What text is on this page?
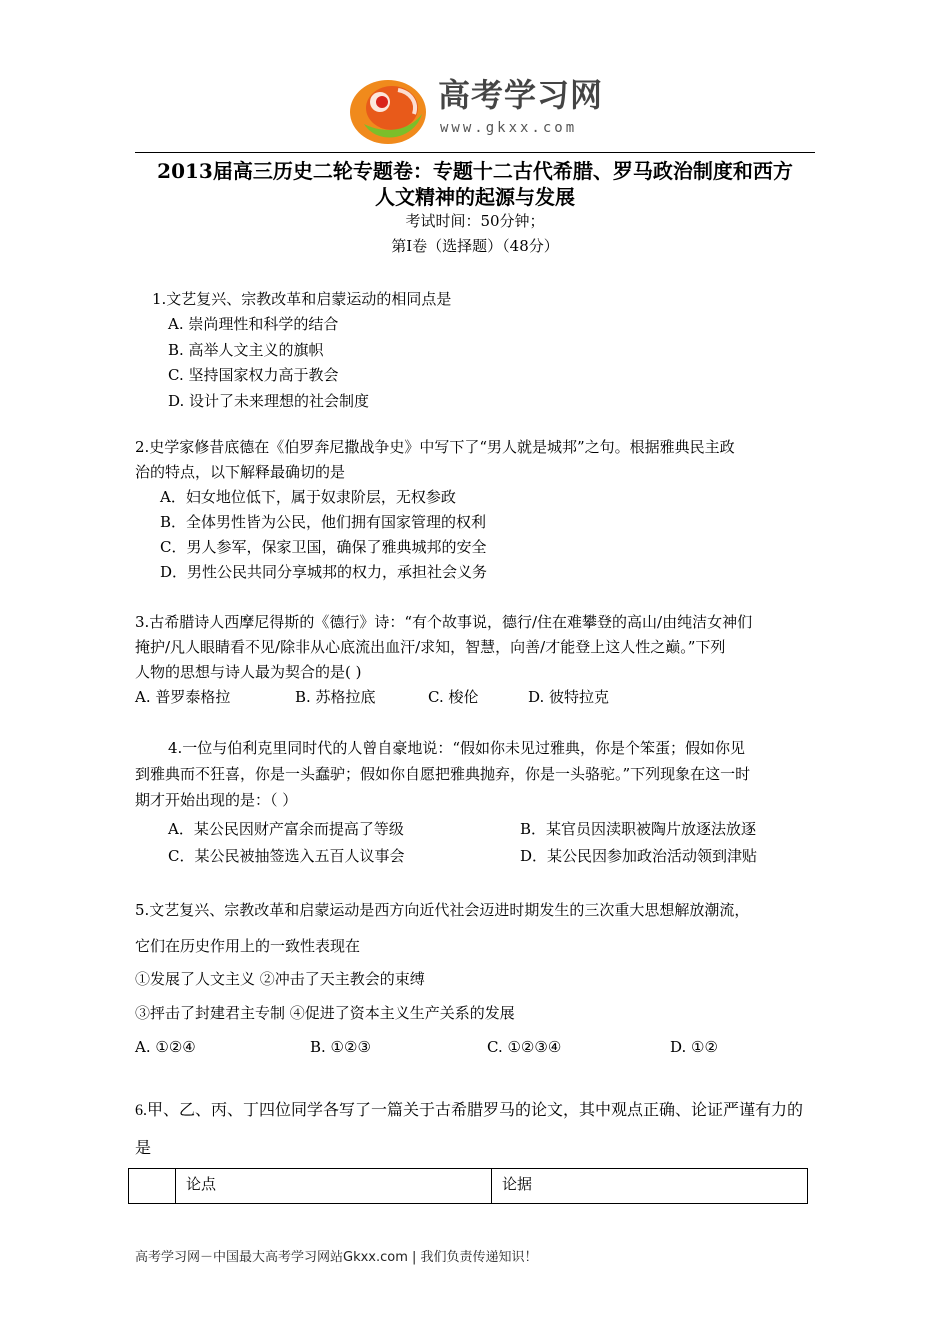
高考学习网
www.gkxx.com
2013届高三历史二轮专题卷：专题十二古代希腊、罗马政治制度和西方
人文精神的起源与发展
考试时间：50分钟；
第Ⅰ卷（选择题）（48分）
1.文艺复兴、宗教改革和启蒙运动的相同点是
A. 崇尚理性和科学的结合
B. 高举人文主义的旗帜
C. 坚持国家权力高于教会
D. 设计了未来理想的社会制度
2.史学家修昔底德在《伯罗奔尼撒战争史》中写下了“男人就是城邦”之句。根据雅典民主政
治的特点，以下解释最确切的是
A．妇女地位低下，属于奴隶阶层，无权参政
B．全体男性皆为公民，他们拥有国家管理的权利
C．男人参军，保家卫国，确保了雅典城邦的安全
D．男性公民共同分享城邦的权力，承担社会义务
3.古希腊诗人西摩尼得斯的《德行》诗：“有个故事说，德行/住在难攀登的高山/由纯洁女神们
掩护/凡人眼睛看不见/除非从心底流出血汗/求知，智慧，向善/才能登上这人性之巅。”下列
人物的思想与诗人最为契合的是( )
A. 普罗泰格拉	B. 苏格拉底	C. 梭伦	D. 彼特拉克
4.一位与伯利克里同时代的人曾自豪地说：“假如你未见过雅典，你是个笨蛋；假如你见
到雅典而不狂喜，你是一头蠢驴；假如你自愿把雅典抛弃，你是一头骆驼。”下列现象在这一时
期才开始出现的是：（ ）
A．某公民因财产富余而提高了等级	B．某官员因渎职被陶片放逐法放逐
C．某公民被抽签选入五百人议事会	D．某公民因参加政治活动领到津贴
5.文艺复兴、宗教改革和启蒙运动是西方向近代社会迈进时期发生的三次重大思想解放潮流，
它们在历史作用上的一致性表现在
①发展了人文主义 ②冲击了天主教会的束缚
③抨击了封建君主专制 ④促进了资本主义生产关系的发展
A. ①②④	B. ①②③	C. ①②③④	D. ①②
6.甲、乙、丙、丁四位同学各写了一篇关于古希腊罗马的论文，其中观点正确、论证严谨有力的
是
	论点	论据
高考学习网－中国最大高考学习网站Gkxx.com | 我们负责传递知识！
